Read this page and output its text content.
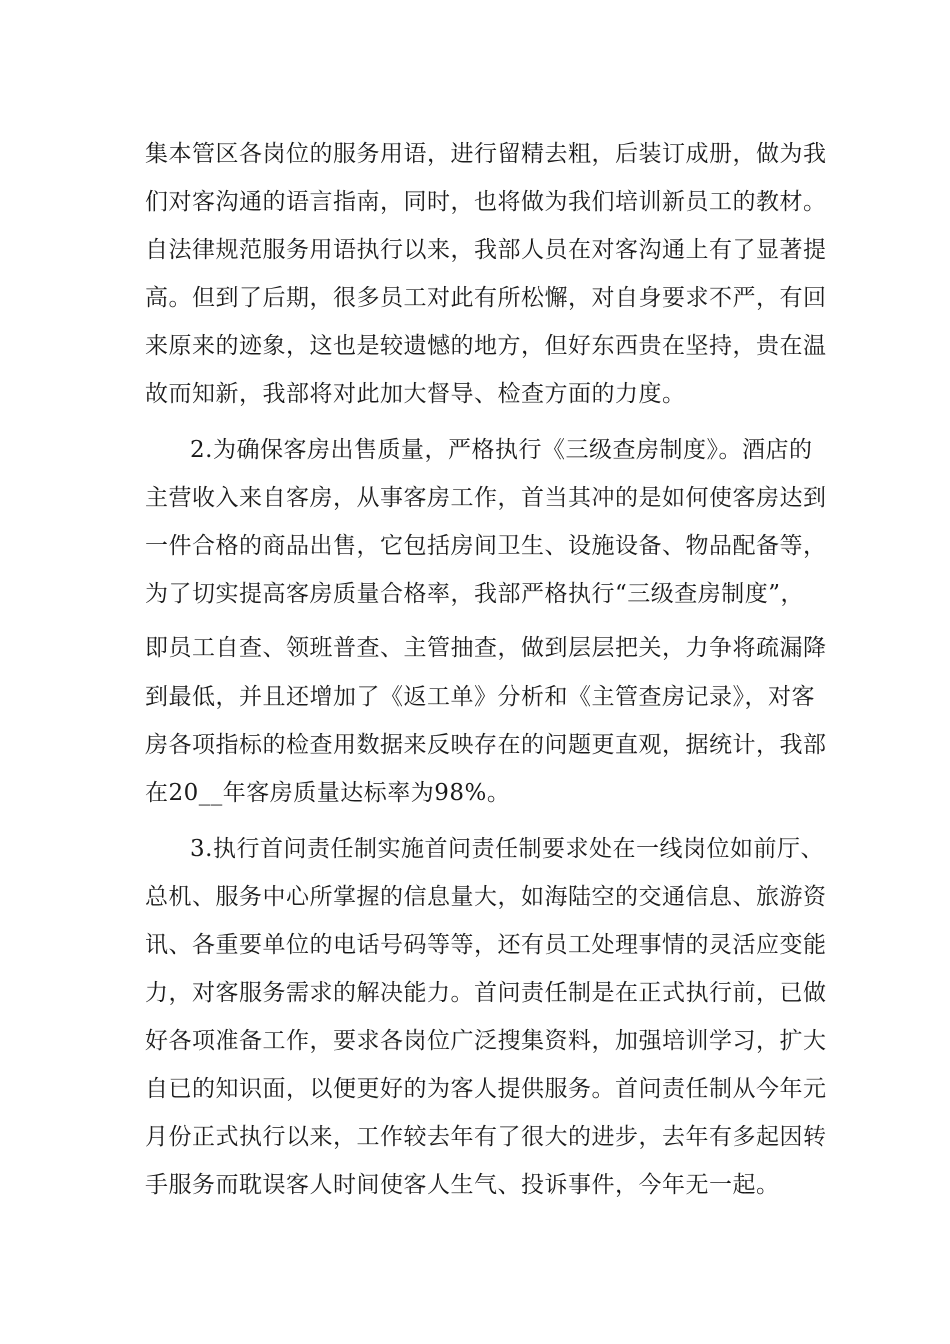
集本管区各岗位的服务用语，进行留精去粗，后装订成册，做为我
们对客沟通的语言指南，同时，也将做为我们培训新员工的教材。
自法律规范服务用语执行以来，我部人员在对客沟通上有了显著提
高。但到了后期，很多员工对此有所松懈，对自身要求不严，有回
来原来的迹象，这也是较遗憾的地方，但好东西贵在坚持，贵在温
故而知新，我部将对此加大督导、检查方面的力度。
2.为确保客房出售质量，严格执行《三级查房制度》。酒店的
主营收入来自客房，从事客房工作，首当其冲的是如何使客房达到
一件合格的商品出售，它包括房间卫生、设施设备、物品配备等，
为了切实提高客房质量合格率，我部严格执行“三级查房制度”，
即员工自查、领班普查、主管抽查，做到层层把关，力争将疏漏降
到最低，并且还增加了《返工单》分析和《主管查房记录》，对客
房各项指标的检查用数据来反映存在的问题更直观，据统计，我部
在20__年客房质量达标率为98%。
3.执行首问责任制实施首问责任制要求处在一线岗位如前厅、
总机、服务中心所掌握的信息量大，如海陆空的交通信息、旅游资
讯、各重要单位的电话号码等等，还有员工处理事情的灵活应变能
力，对客服务需求的解决能力。首问责任制是在正式执行前，已做
好各项准备工作，要求各岗位广泛搜集资料，加强培训学习，扩大
自已的知识面，以便更好的为客人提供服务。首问责任制从今年元
月份正式执行以来，工作较去年有了很大的进步，去年有多起因转
手服务而耽误客人时间使客人生气、投诉事件，今年无一起。
